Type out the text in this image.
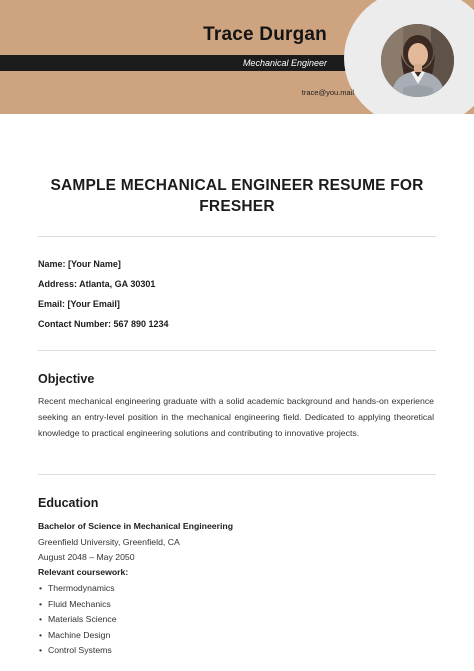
Trace Durgan
Mechanical Engineer
trace@you.mail
SAMPLE MECHANICAL ENGINEER RESUME FOR FRESHER
Name: [Your Name]
Address: Atlanta, GA 30301
Email: [Your Email]
Contact Number: 567 890 1234
Objective
Recent mechanical engineering graduate with a solid academic background and hands-on experience seeking an entry-level position in the mechanical engineering field. Dedicated to applying theoretical knowledge to practical engineering solutions and contributing to innovative projects.
Education
Bachelor of Science in Mechanical Engineering
Greenfield University, Greenfield, CA
August 2048 – May 2050
Relevant coursework:
• Thermodynamics
• Fluid Mechanics
• Materials Science
• Machine Design
• Control Systems
